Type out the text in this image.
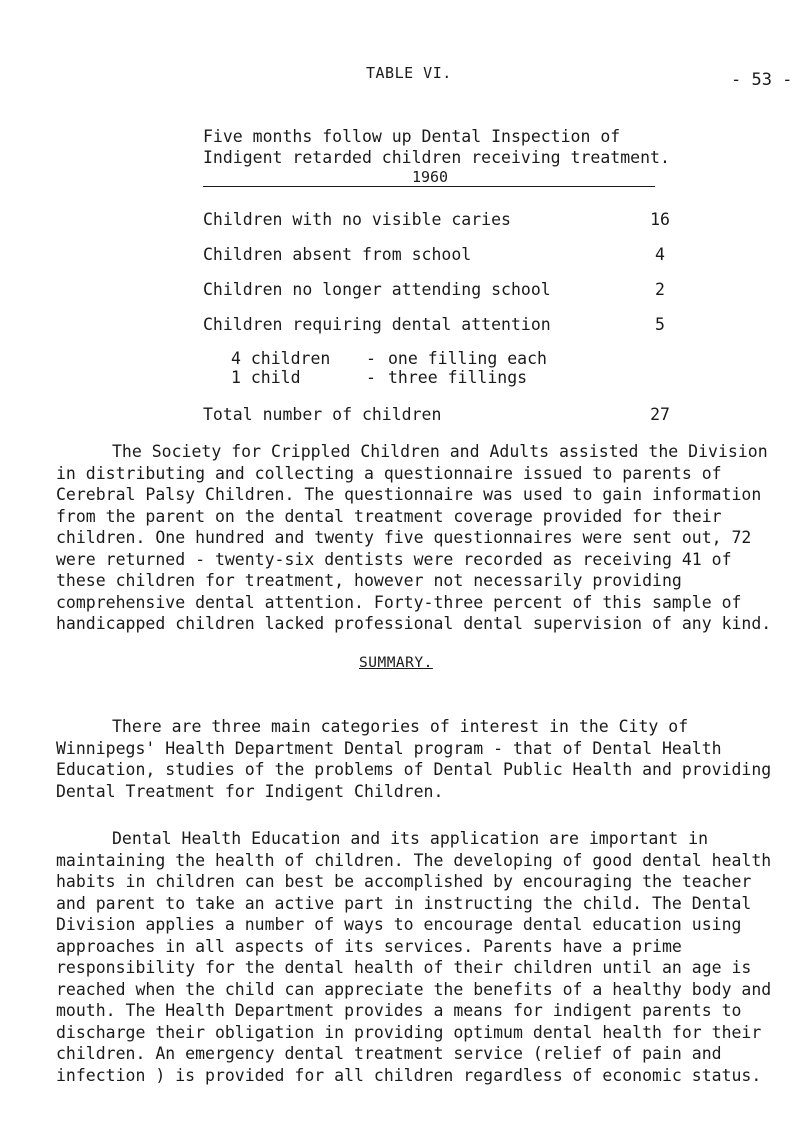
TABLE VI.	- 53 -
Five months follow up Dental Inspection of
Indigent retarded children receiving treatment.
1960
Children with no visible caries	16
Children absent from school	4
Children no longer attending school	2
Children requiring dental attention	5
4 children - one filling each
1 child	- three fillings
Total number of children	27
The Society for Crippled Children and Adults assisted the Division in distributing and collecting a questionnaire issued to parents of Cerebral Palsy Children. The questionnaire was used to gain information from the parent on the dental treatment coverage provided for their children. One hundred and twenty five questionnaires were sent out, 72 were returned - twenty-six dentists were recorded as receiving 41 of these children for treatment, however not necessarily providing comprehensive dental attention. Forty-three percent of this sample of handicapped children lacked professional dental supervision of any kind.
SUMMARY.
There are three main categories of interest in the City of Winnipegs' Health Department Dental program - that of Dental Health Education, studies of the problems of Dental Public Health and providing Dental Treatment for Indigent Children.
Dental Health Education and its application are important in maintaining the health of children. The developing of good dental health habits in children can best be accomplished by encouraging the teacher and parent to take an active part in instructing the child. The Dental Division applies a number of ways to encourage dental education using approaches in all aspects of its services. Parents have a prime responsibility for the dental health of their children until an age is reached when the child can appreciate the benefits of a healthy body and mouth. The Health Department provides a means for indigent parents to discharge their obligation in providing optimum dental health for their children. An emergency dental treatment service (relief of pain and infection ) is provided for all children regardless of economic status.
